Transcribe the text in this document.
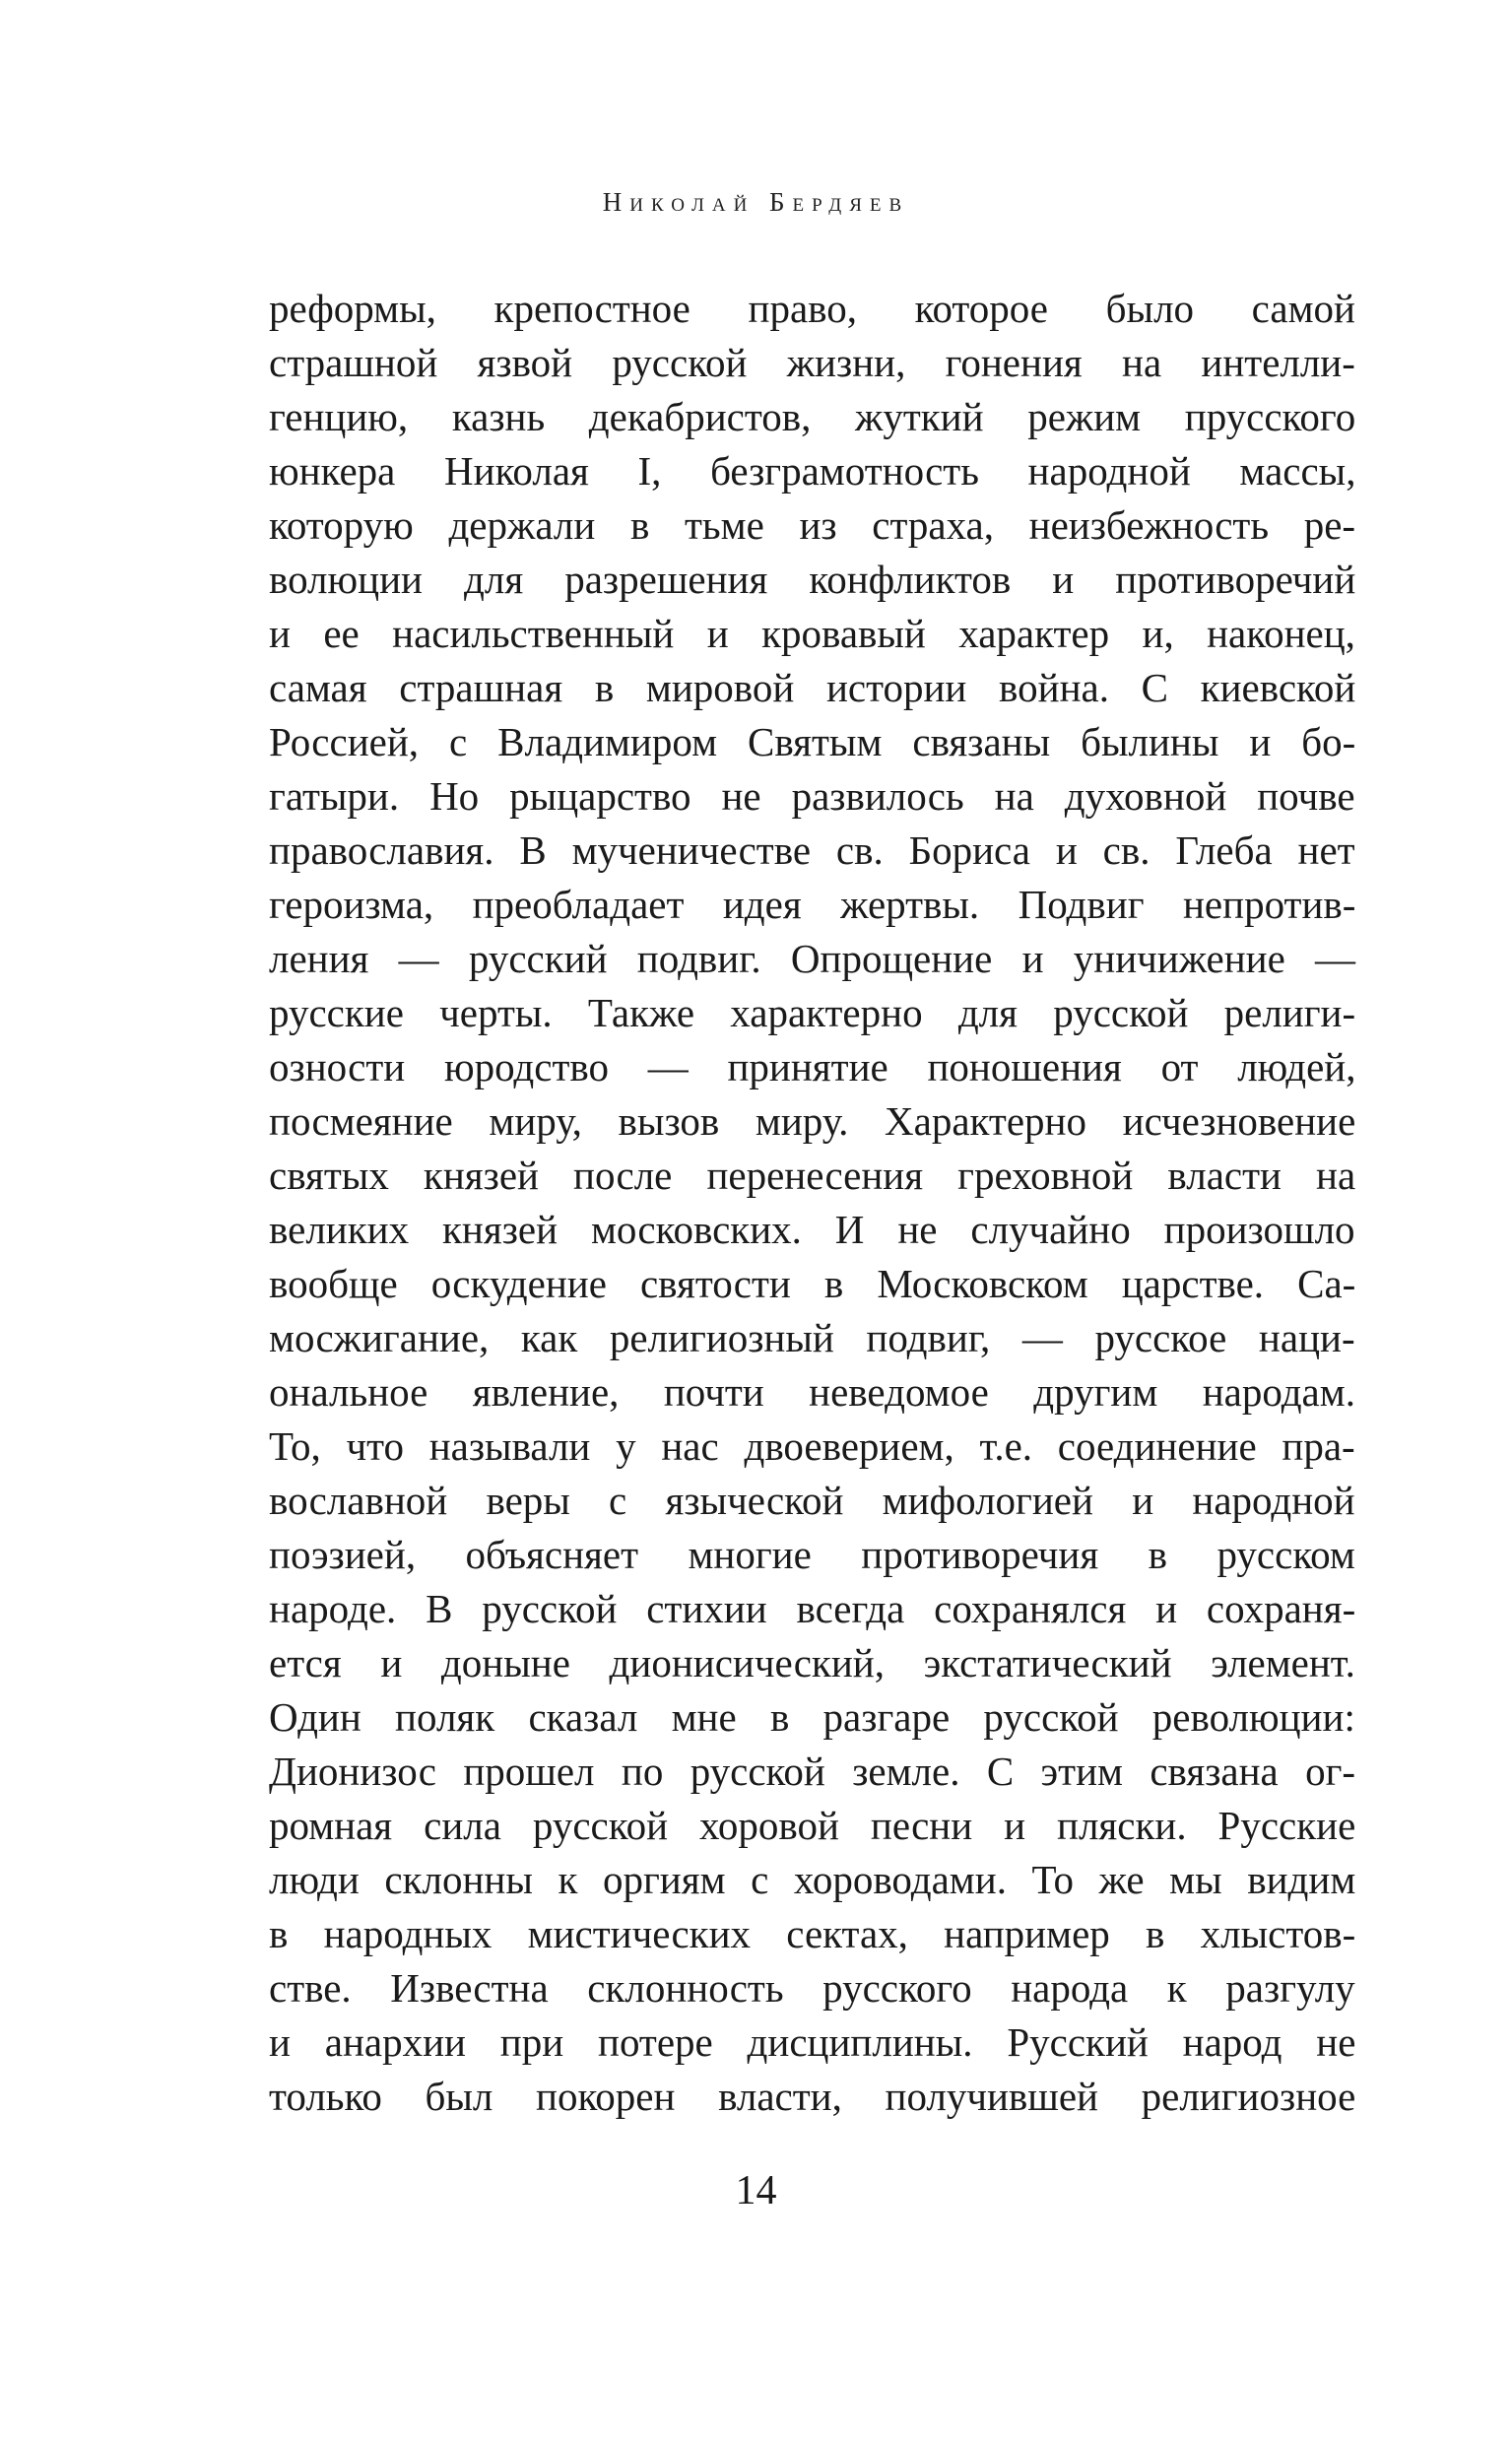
Николай Бердяев
реформы, крепостное право, которое было самой
страшной язвой русской жизни, гонения на интелли-
генцию, казнь декабристов, жуткий режим прусского
юнкера Николая I, безграмотность народной массы,
которую держали в тьме из страха, неизбежность ре-
волюции для разрешения конфликтов и противоречий
и ее насильственный и кровавый характер и, наконец,
самая страшная в мировой истории война. С киевской
Россией, с Владимиром Святым связаны былины и бо-
гатыри. Но рыцарство не развилось на духовной почве
православия. В мученичестве св. Бориса и св. Глеба нет
героизма, преобладает идея жертвы. Подвиг непротив-
ления — русский подвиг. Опрощение и уничижение —
русские черты. Также характерно для русской религи-
озности юродство — принятие поношения от людей,
посмеяние миру, вызов миру. Характерно исчезновение
святых князей после перенесения греховной власти на
великих князей московских. И не случайно произошло
вообще оскудение святости в Московском царстве. Са-
мосжигание, как религиозный подвиг, — русское наци-
ональное явление, почти неведомое другим народам.
То, что называли у нас двоеверием, т.е. соединение пра-
вославной веры с языческой мифологией и народной
поэзией, объясняет многие противоречия в русском
народе. В русской стихии всегда сохранялся и сохраня-
ется и доныне дионисический, экстатический элемент.
Один поляк сказал мне в разгаре русской революции:
Дионизос прошел по русской земле. С этим связана ог-
ромная сила русской хоровой песни и пляски. Русские
люди склонны к оргиям с хороводами. То же мы видим
в народных мистических сектах, например в хлыстов-
стве. Известна склонность русского народа к разгулу
и анархии при потере дисциплины. Русский народ не
только был покорен власти, получившей религиозное
14
